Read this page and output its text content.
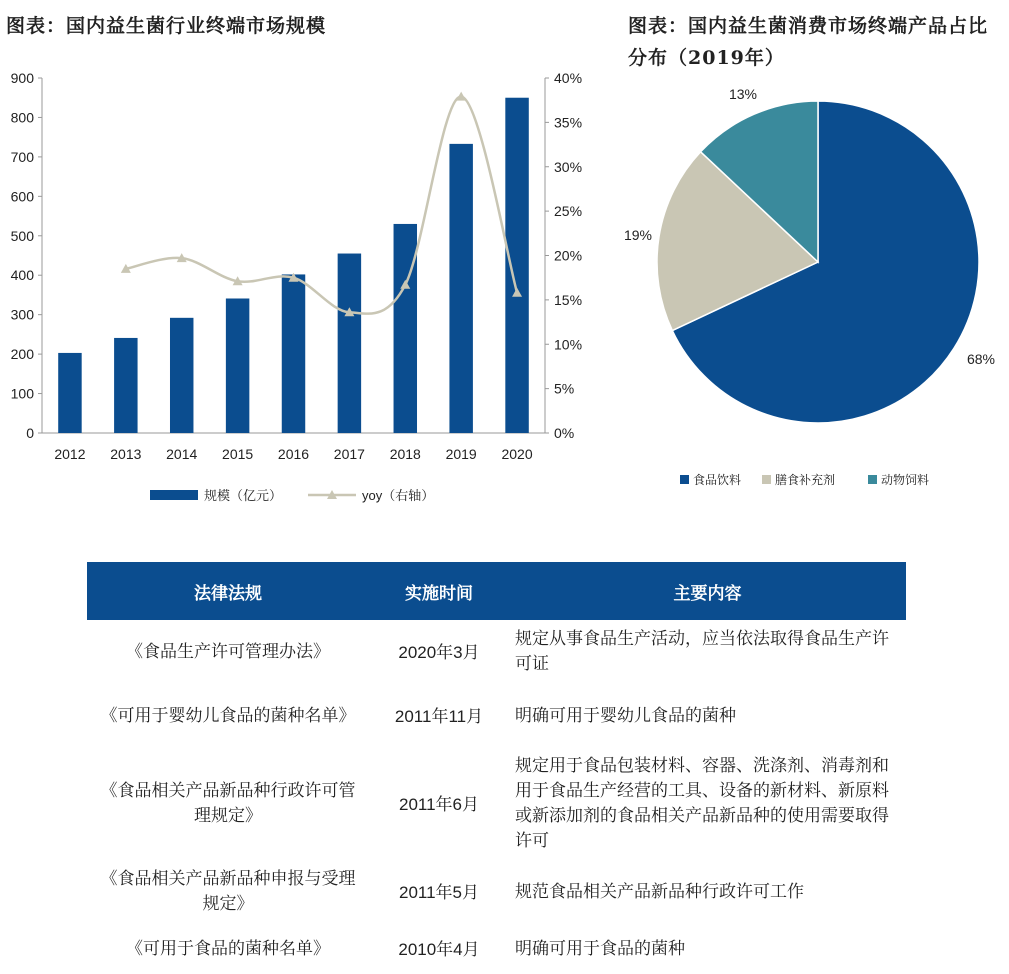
图表：国内益生菌行业终端市场规模	图表：国内益生菌消费市场终端产品占比分布（2019年）
0
100
200
300
400
500
600
700
800
900
0%
5%
10%
15%
20%
25%
30%
35%
40%
2012 2013 2014 2015 2016 2017 2018 2019 2020
规模（亿元）	yoy（右轴）
68%
19%
13%
食品饮料	膳食补充剂	动物饲料
法律法规	实施时间	主要内容
《食品生产许可管理办法》	2020年3月	规定从事食品生产活动，应当依法取得食品生产许可证
《可用于婴幼儿食品的菌种名单》	2011年11月	明确可用于婴幼儿食品的菌种
《食品相关产品新品种行政许可管理规定》	2011年6月	规定用于食品包装材料、容器、洗涤剂、消毒剂和用于食品生产经营的工具、设备的新材料、新原料或新添加剂的食品相关产品新品种的使用需要取得许可
《食品相关产品新品种申报与受理规定》	2011年5月	规范食品相关产品新品种行政许可工作
《可用于食品的菌种名单》	2010年4月	明确可用于食品的菌种
